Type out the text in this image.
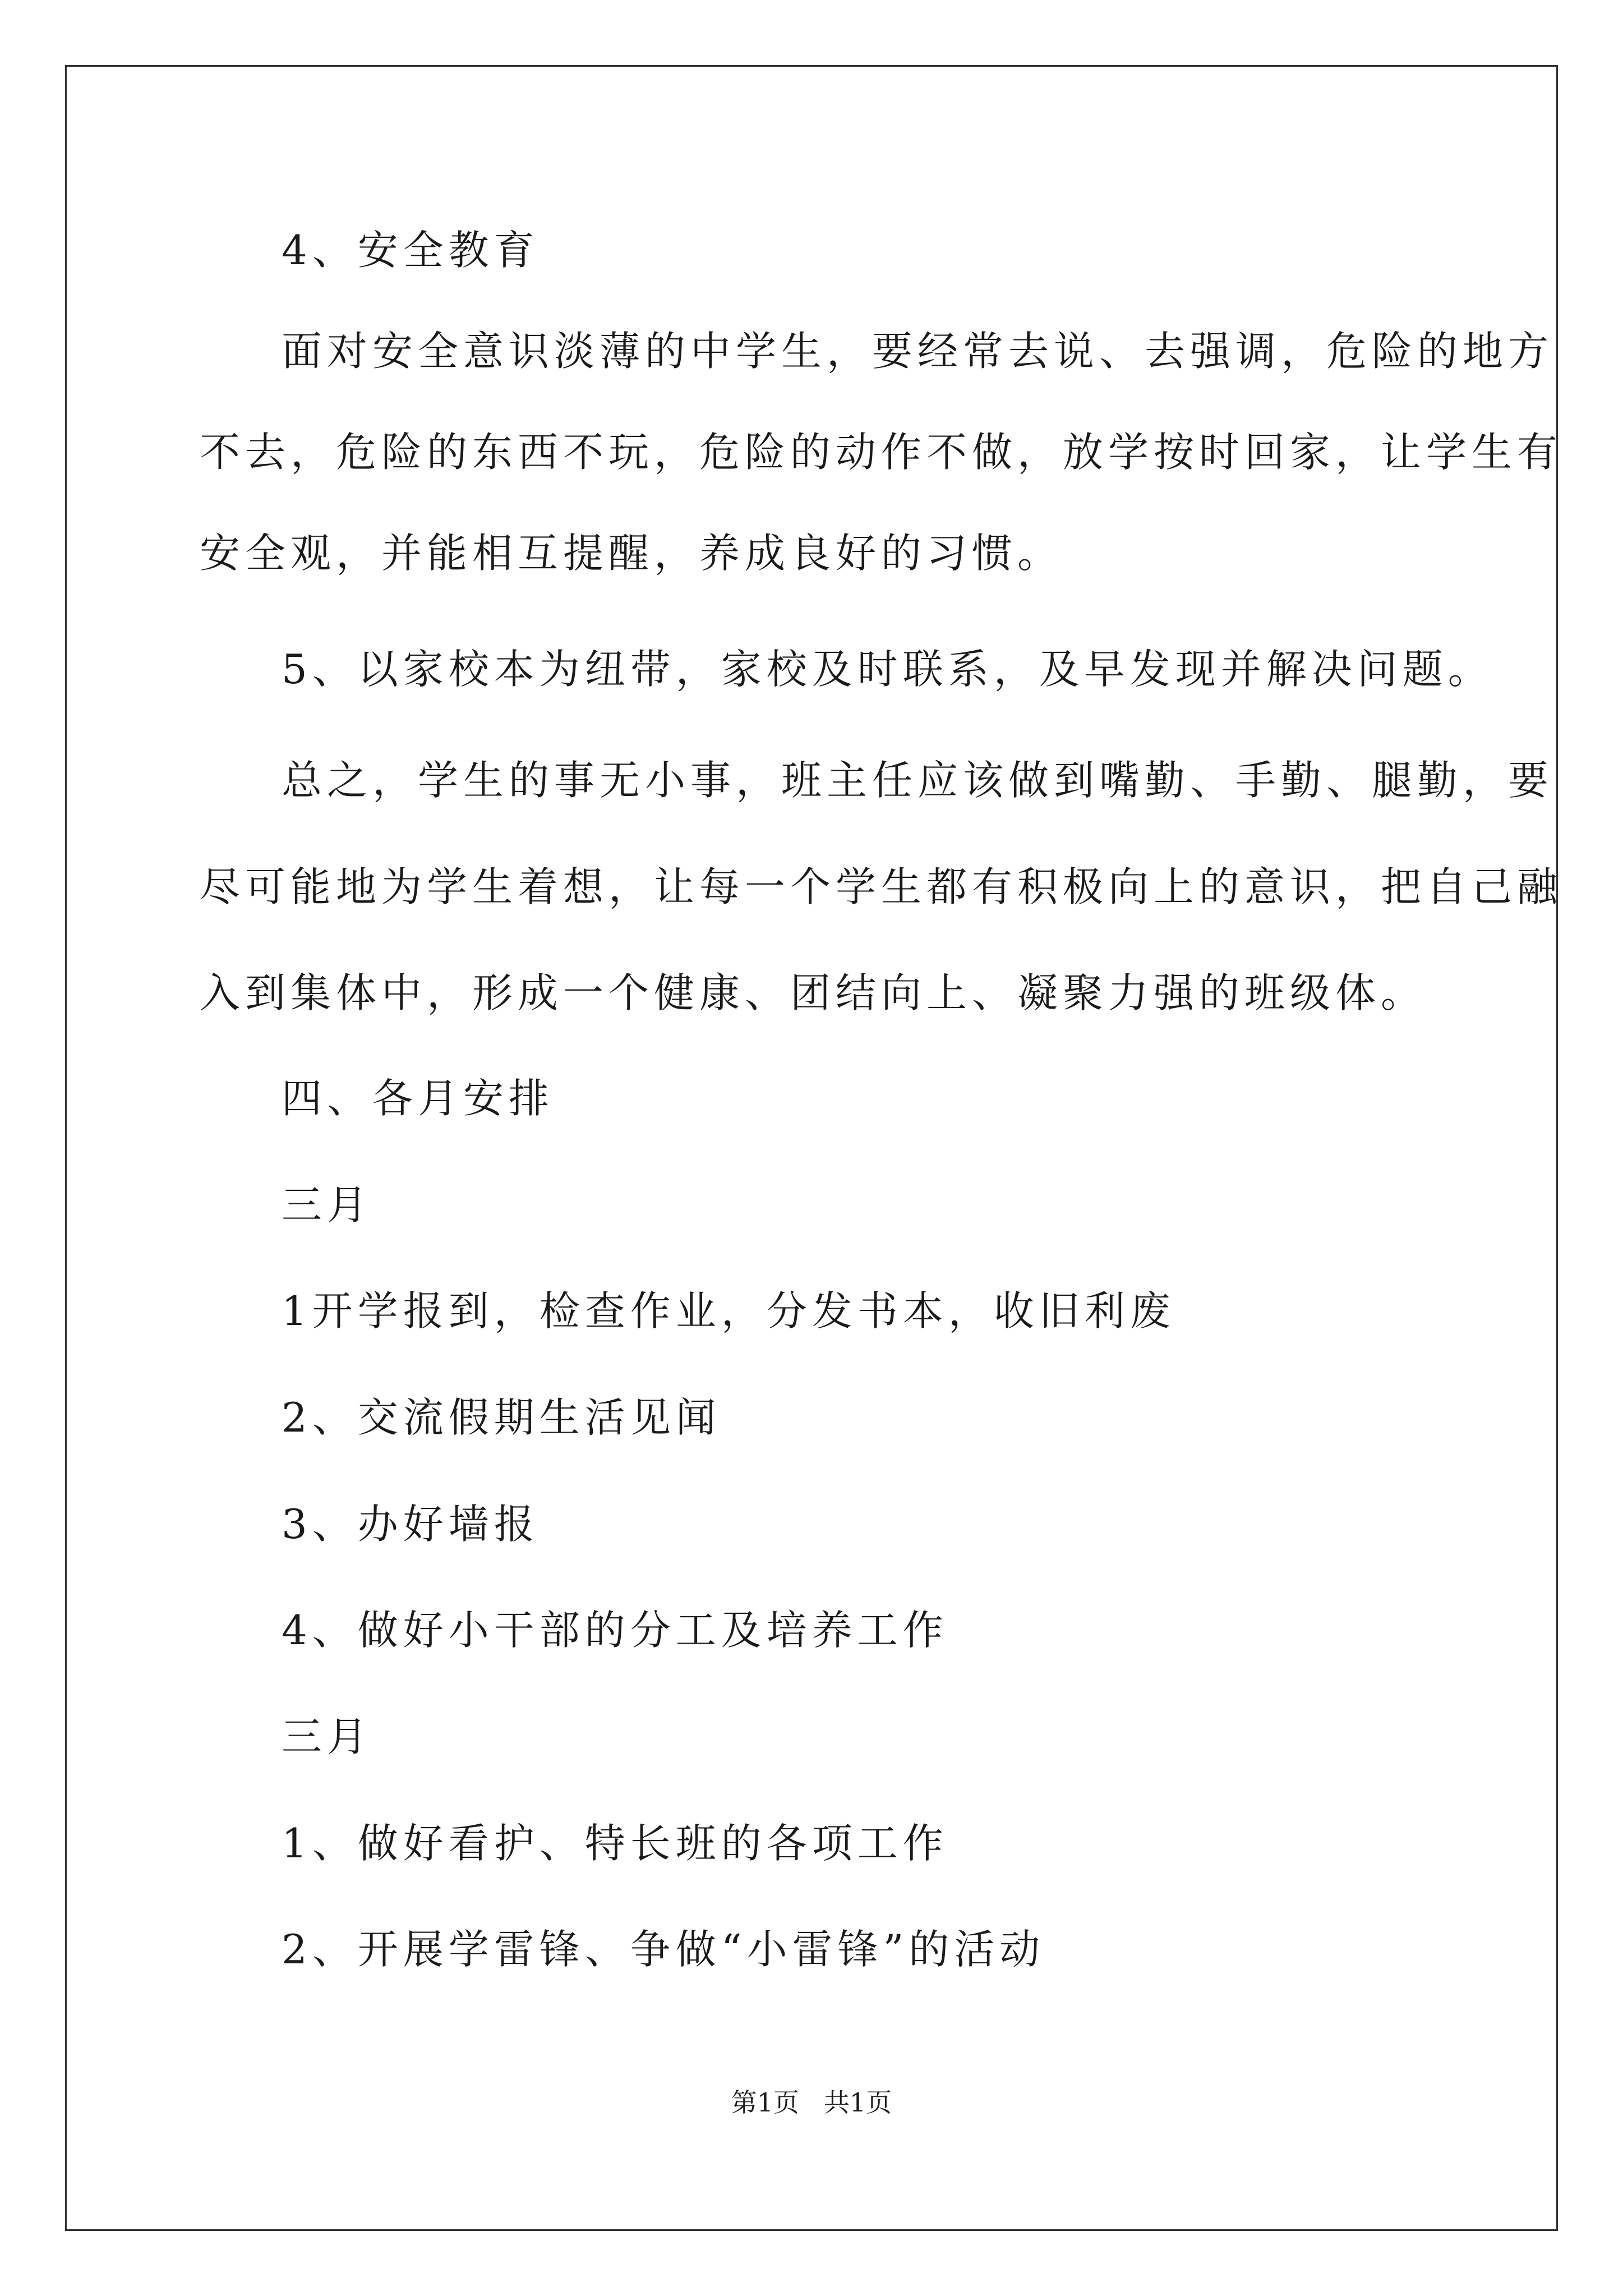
4、安全教育
面对安全意识淡薄的中学生，要经常去说、去强调，危险的地方
不去，危险的东西不玩，危险的动作不做，放学按时回家，让学生有
安全观，并能相互提醒，养成良好的习惯。
5、以家校本为纽带，家校及时联系，及早发现并解决问题。
总之，学生的事无小事，班主任应该做到嘴勤、手勤、腿勤，要
尽可能地为学生着想，让每一个学生都有积极向上的意识，把自己融
入到集体中，形成一个健康、团结向上、凝聚力强的班级体。
四、各月安排
三月
1开学报到，检查作业，分发书本，收旧利废
2、交流假期生活见闻
3、办好墙报
4、做好小干部的分工及培养工作
三月
1、做好看护、特长班的各项工作
2、开展学雷锋、争做“小雷锋”的活动
第1页   共1页
